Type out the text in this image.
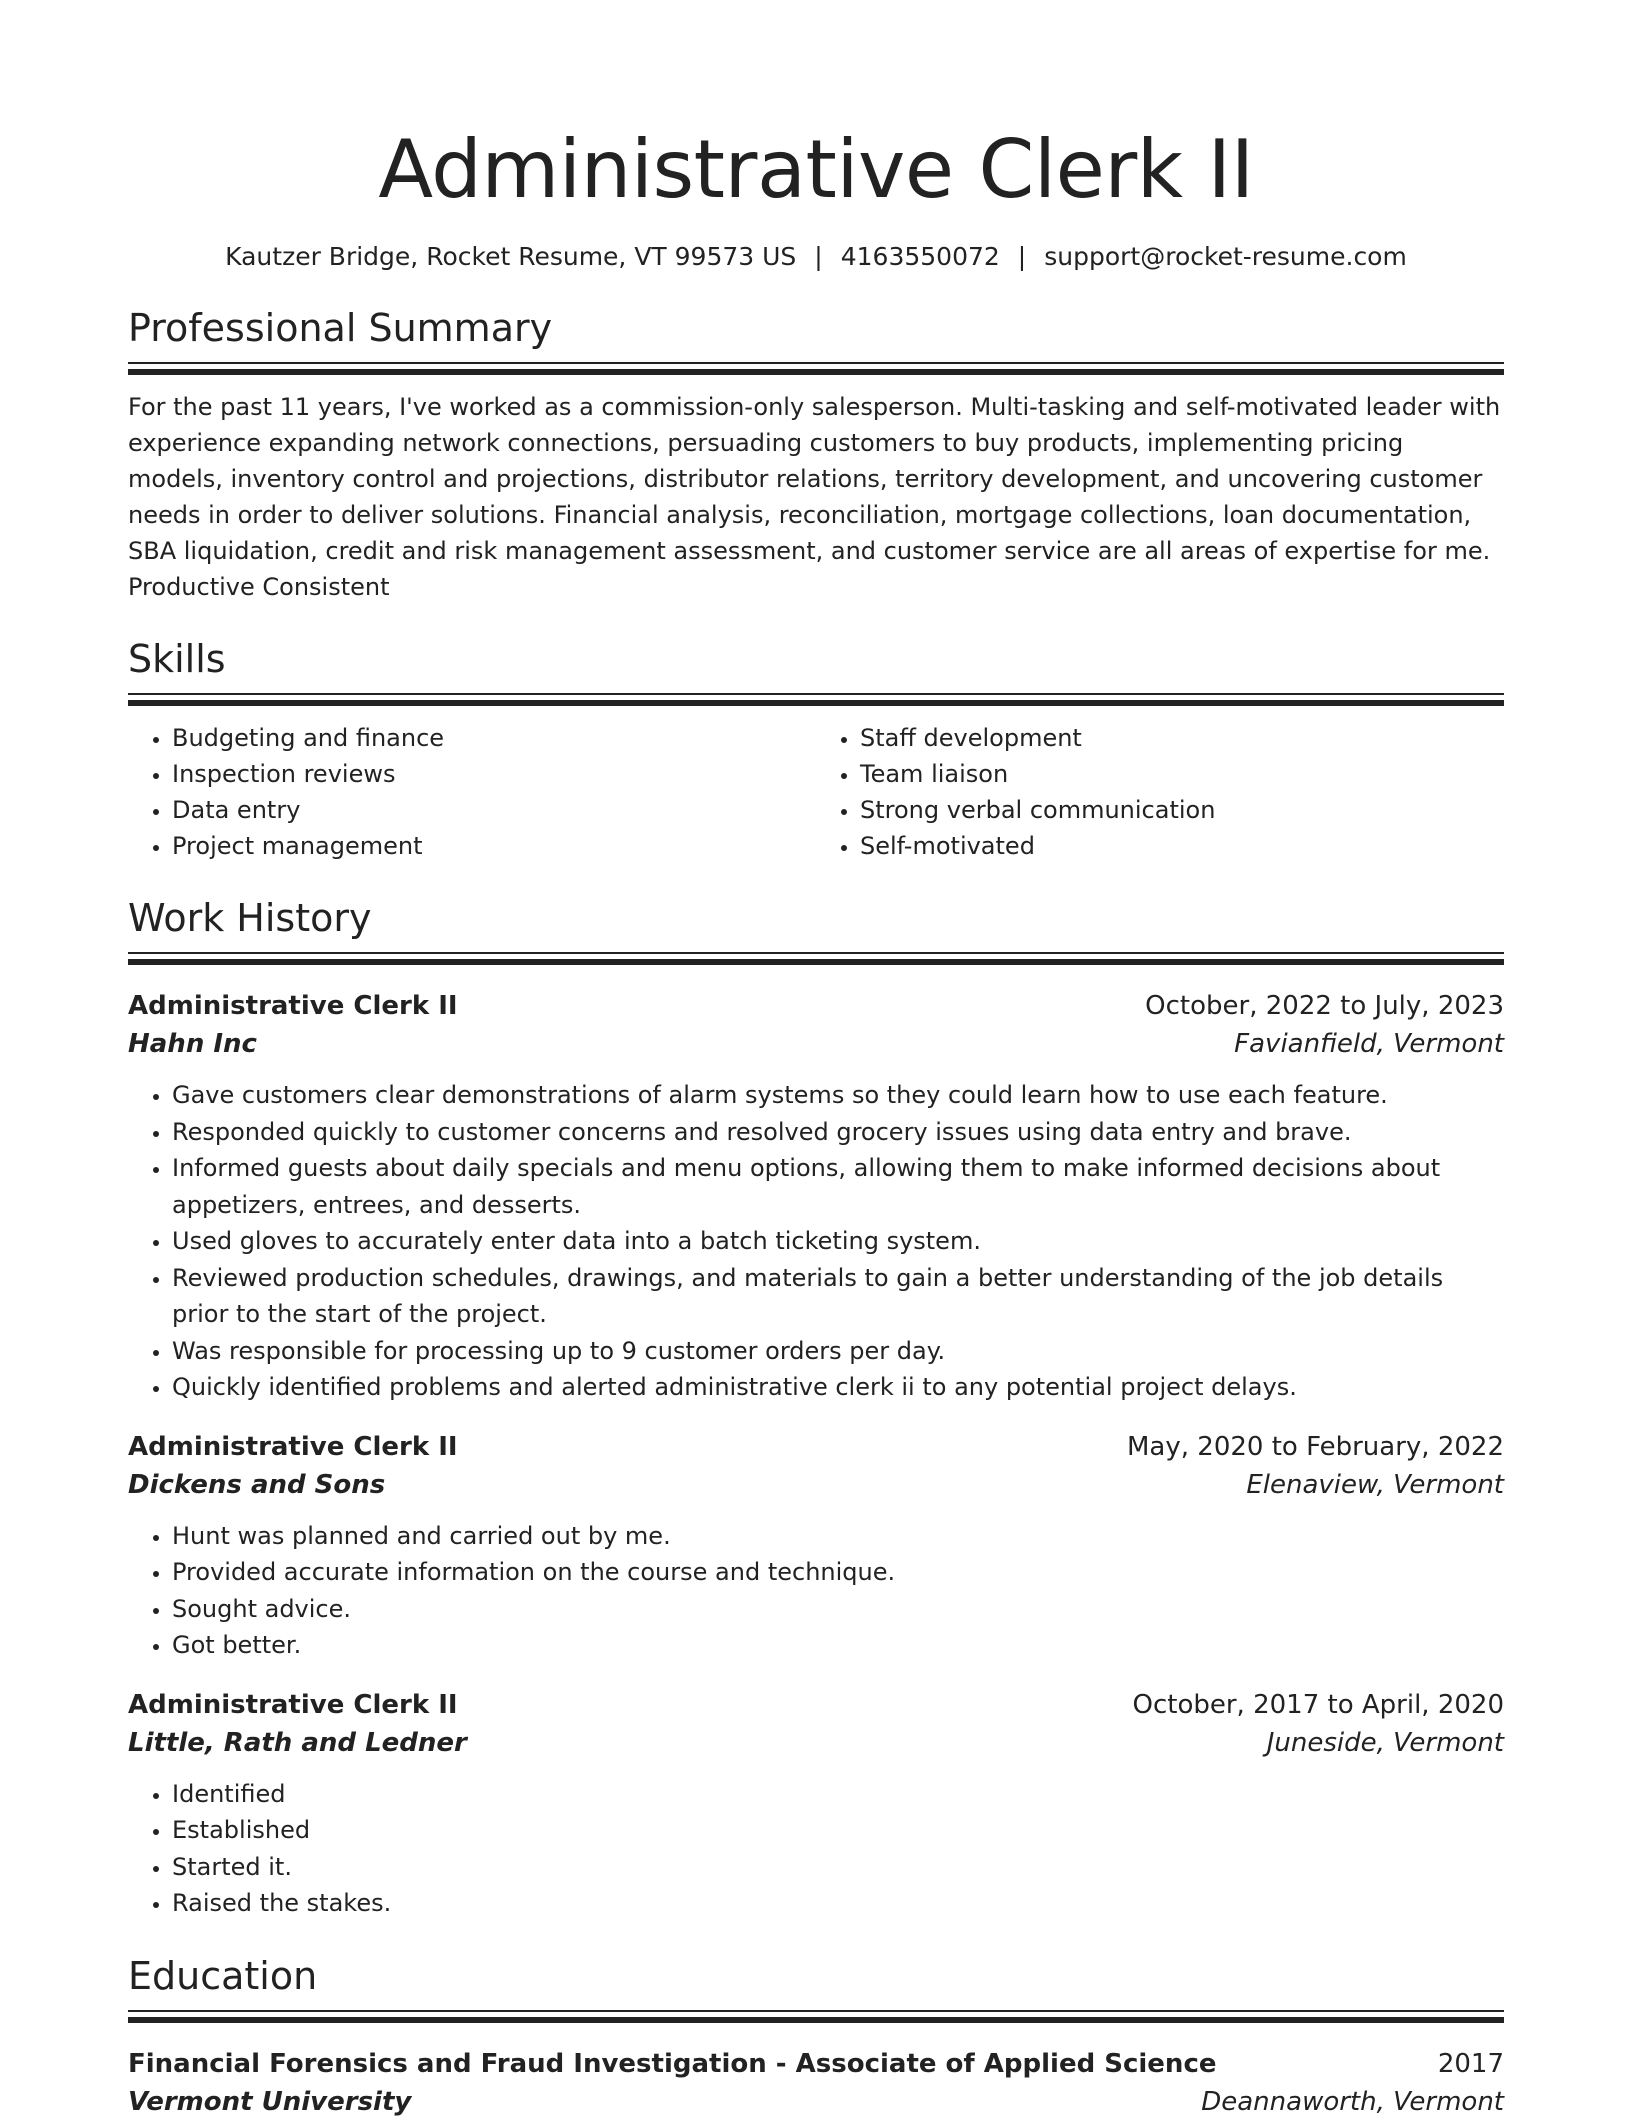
Administrative Clerk II
Kautzer Bridge, Rocket Resume, VT 99573 US | 4163550072 | support@rocket-resume.com
Professional Summary
For the past 11 years, I've worked as a commission-only salesperson. Multi-tasking and self-motivated leader with experience expanding network connections, persuading customers to buy products, implementing pricing models, inventory control and projections, distributor relations, territory development, and uncovering customer needs in order to deliver solutions. Financial analysis, reconciliation, mortgage collections, loan documentation, SBA liquidation, credit and risk management assessment, and customer service are all areas of expertise for me. Productive Consistent
Skills
• Budgeting and finance
• Inspection reviews
• Data entry
• Project management
• Staff development
• Team liaison
• Strong verbal communication
• Self-motivated
Work History
Administrative Clerk II	October, 2022 to July, 2023
Hahn Inc	Favianfield, Vermont
• Gave customers clear demonstrations of alarm systems so they could learn how to use each feature.
• Responded quickly to customer concerns and resolved grocery issues using data entry and brave.
• Informed guests about daily specials and menu options, allowing them to make informed decisions about appetizers, entrees, and desserts.
• Used gloves to accurately enter data into a batch ticketing system.
• Reviewed production schedules, drawings, and materials to gain a better understanding of the job details prior to the start of the project.
• Was responsible for processing up to 9 customer orders per day.
• Quickly identified problems and alerted administrative clerk ii to any potential project delays.
Administrative Clerk II	May, 2020 to February, 2022
Dickens and Sons	Elenaview, Vermont
• Hunt was planned and carried out by me.
• Provided accurate information on the course and technique.
• Sought advice.
• Got better.
Administrative Clerk II	October, 2017 to April, 2020
Little, Rath and Ledner	Juneside, Vermont
• Identified
• Established
• Started it.
• Raised the stakes.
Education
Financial Forensics and Fraud Investigation - Associate of Applied Science	2017
Vermont University	Deannaworth, Vermont
